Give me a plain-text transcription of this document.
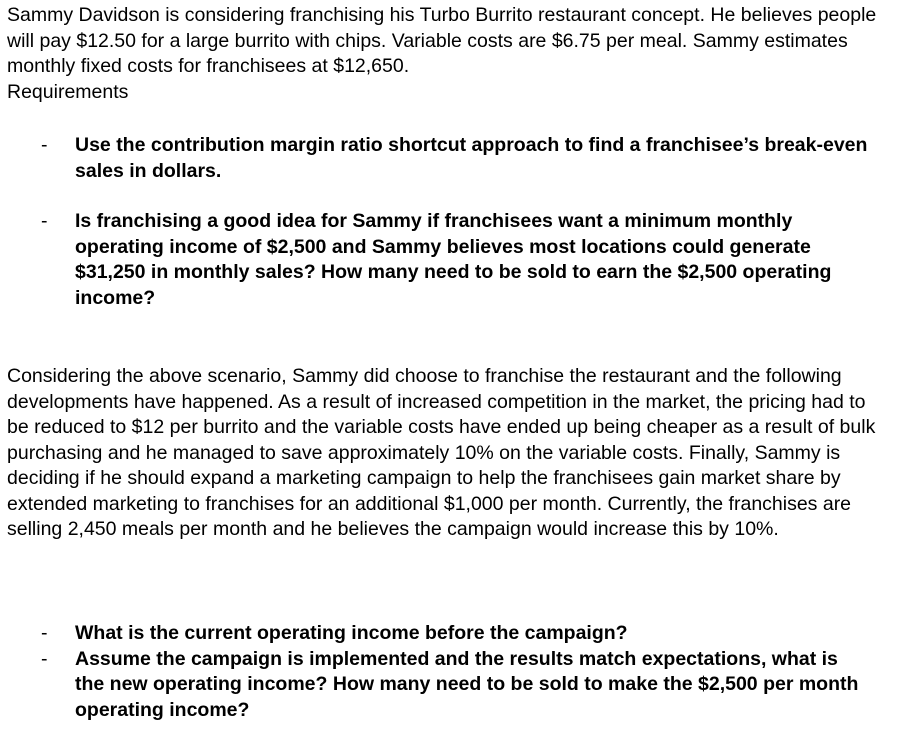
Sammy Davidson is considering franchising his Turbo Burrito restaurant concept. He believes people will pay $12.50 for a large burrito with chips. Variable costs are $6.75 per meal. Sammy estimates monthly fixed costs for franchisees at $12,650.
Requirements
-	Use the contribution margin ratio shortcut approach to find a franchisee’s break-even sales in dollars.
-	Is franchising a good idea for Sammy if franchisees want a minimum monthly operating income of $2,500 and Sammy believes most locations could generate $31,250 in monthly sales? How many need to be sold to earn the $2,500 operating income?

Considering the above scenario, Sammy did choose to franchise the restaurant and the following developments have happened. As a result of increased competition in the market, the pricing had to be reduced to $12 per burrito and the variable costs have ended up being cheaper as a result of bulk purchasing and he managed to save approximately 10% on the variable costs. Finally, Sammy is deciding if he should expand a marketing campaign to help the franchisees gain market share by extended marketing to franchises for an additional $1,000 per month. Currently, the franchises are selling 2,450 meals per month and he believes the campaign would increase this by 10%.

-	What is the current operating income before the campaign?
-	Assume the campaign is implemented and the results match expectations, what is the new operating income? How many need to be sold to make the $2,500 per month operating income?
